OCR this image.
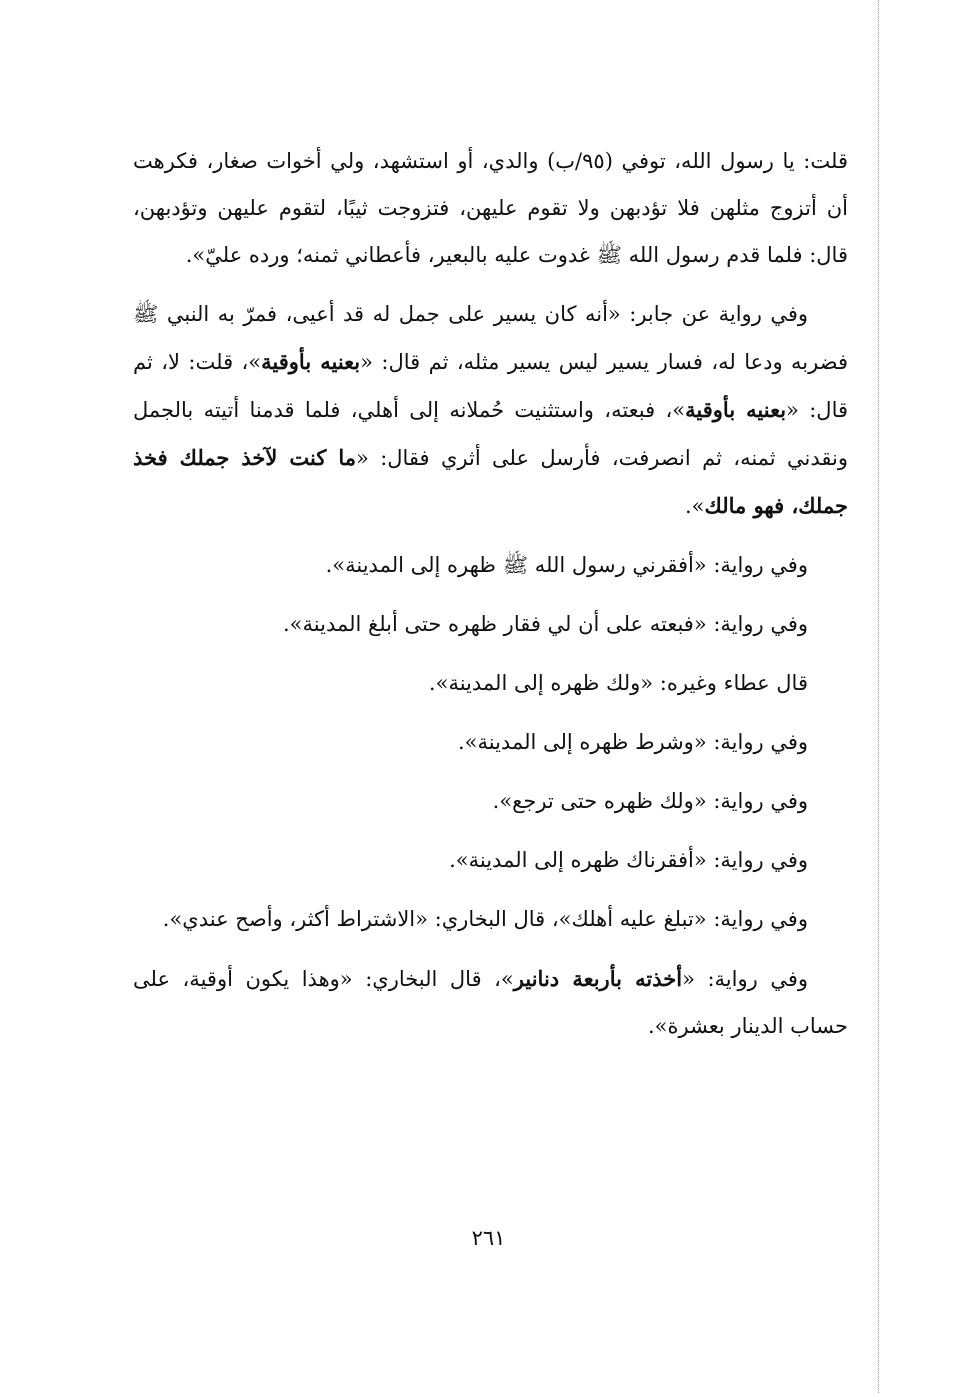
قلت: يا رسول الله، توفي (٩٥/ب) والدي، أو استشهد، ولي أخوات صغار، فكرهت أن أتزوج مثلهن فلا تؤدبهن ولا تقوم عليهن، فتزوجت ثيبًا، لتقوم عليهن وتؤدبهن، قال: فلما قدم رسول الله ﷺ غدوت عليه بالبعير، فأعطاني ثمنه؛ ورده عليّ».

وفي رواية عن جابر: «أنه كان يسير على جمل له قد أعيى، فمرّ به النبي ﷺ فضربه ودعا له، فسار يسير ليس يسير مثله، ثم قال: «بعنيه بأوقية»، قلت: لا، ثم قال: «بعنيه بأوقية»، فبعته، واستثنيت حُملانه إلى أهلي، فلما قدمنا أتيته بالجمل ونقدني ثمنه، ثم انصرفت، فأرسل على أثري فقال: «ما كنت لآخذ جملك فخذ جملك، فهو مالك».

وفي رواية: «أفقرني رسول الله ﷺ ظهره إلى المدينة».

وفي رواية: «فبعته على أن لي فقار ظهره حتى أبلغ المدينة».

قال عطاء وغيره: «ولك ظهره إلى المدينة».

وفي رواية: «وشرط ظهره إلى المدينة».

وفي رواية: «ولك ظهره حتى ترجع».

وفي رواية: «أفقرناك ظهره إلى المدينة».

وفي رواية: «تبلغ عليه أهلك»، قال البخاري: «الاشتراط أكثر، وأصح عندي».

وفي رواية: «أخذته بأربعة دنانير»، قال البخاري: «وهذا يكون أوقية، على حساب الدينار بعشرة».

٢٦١
